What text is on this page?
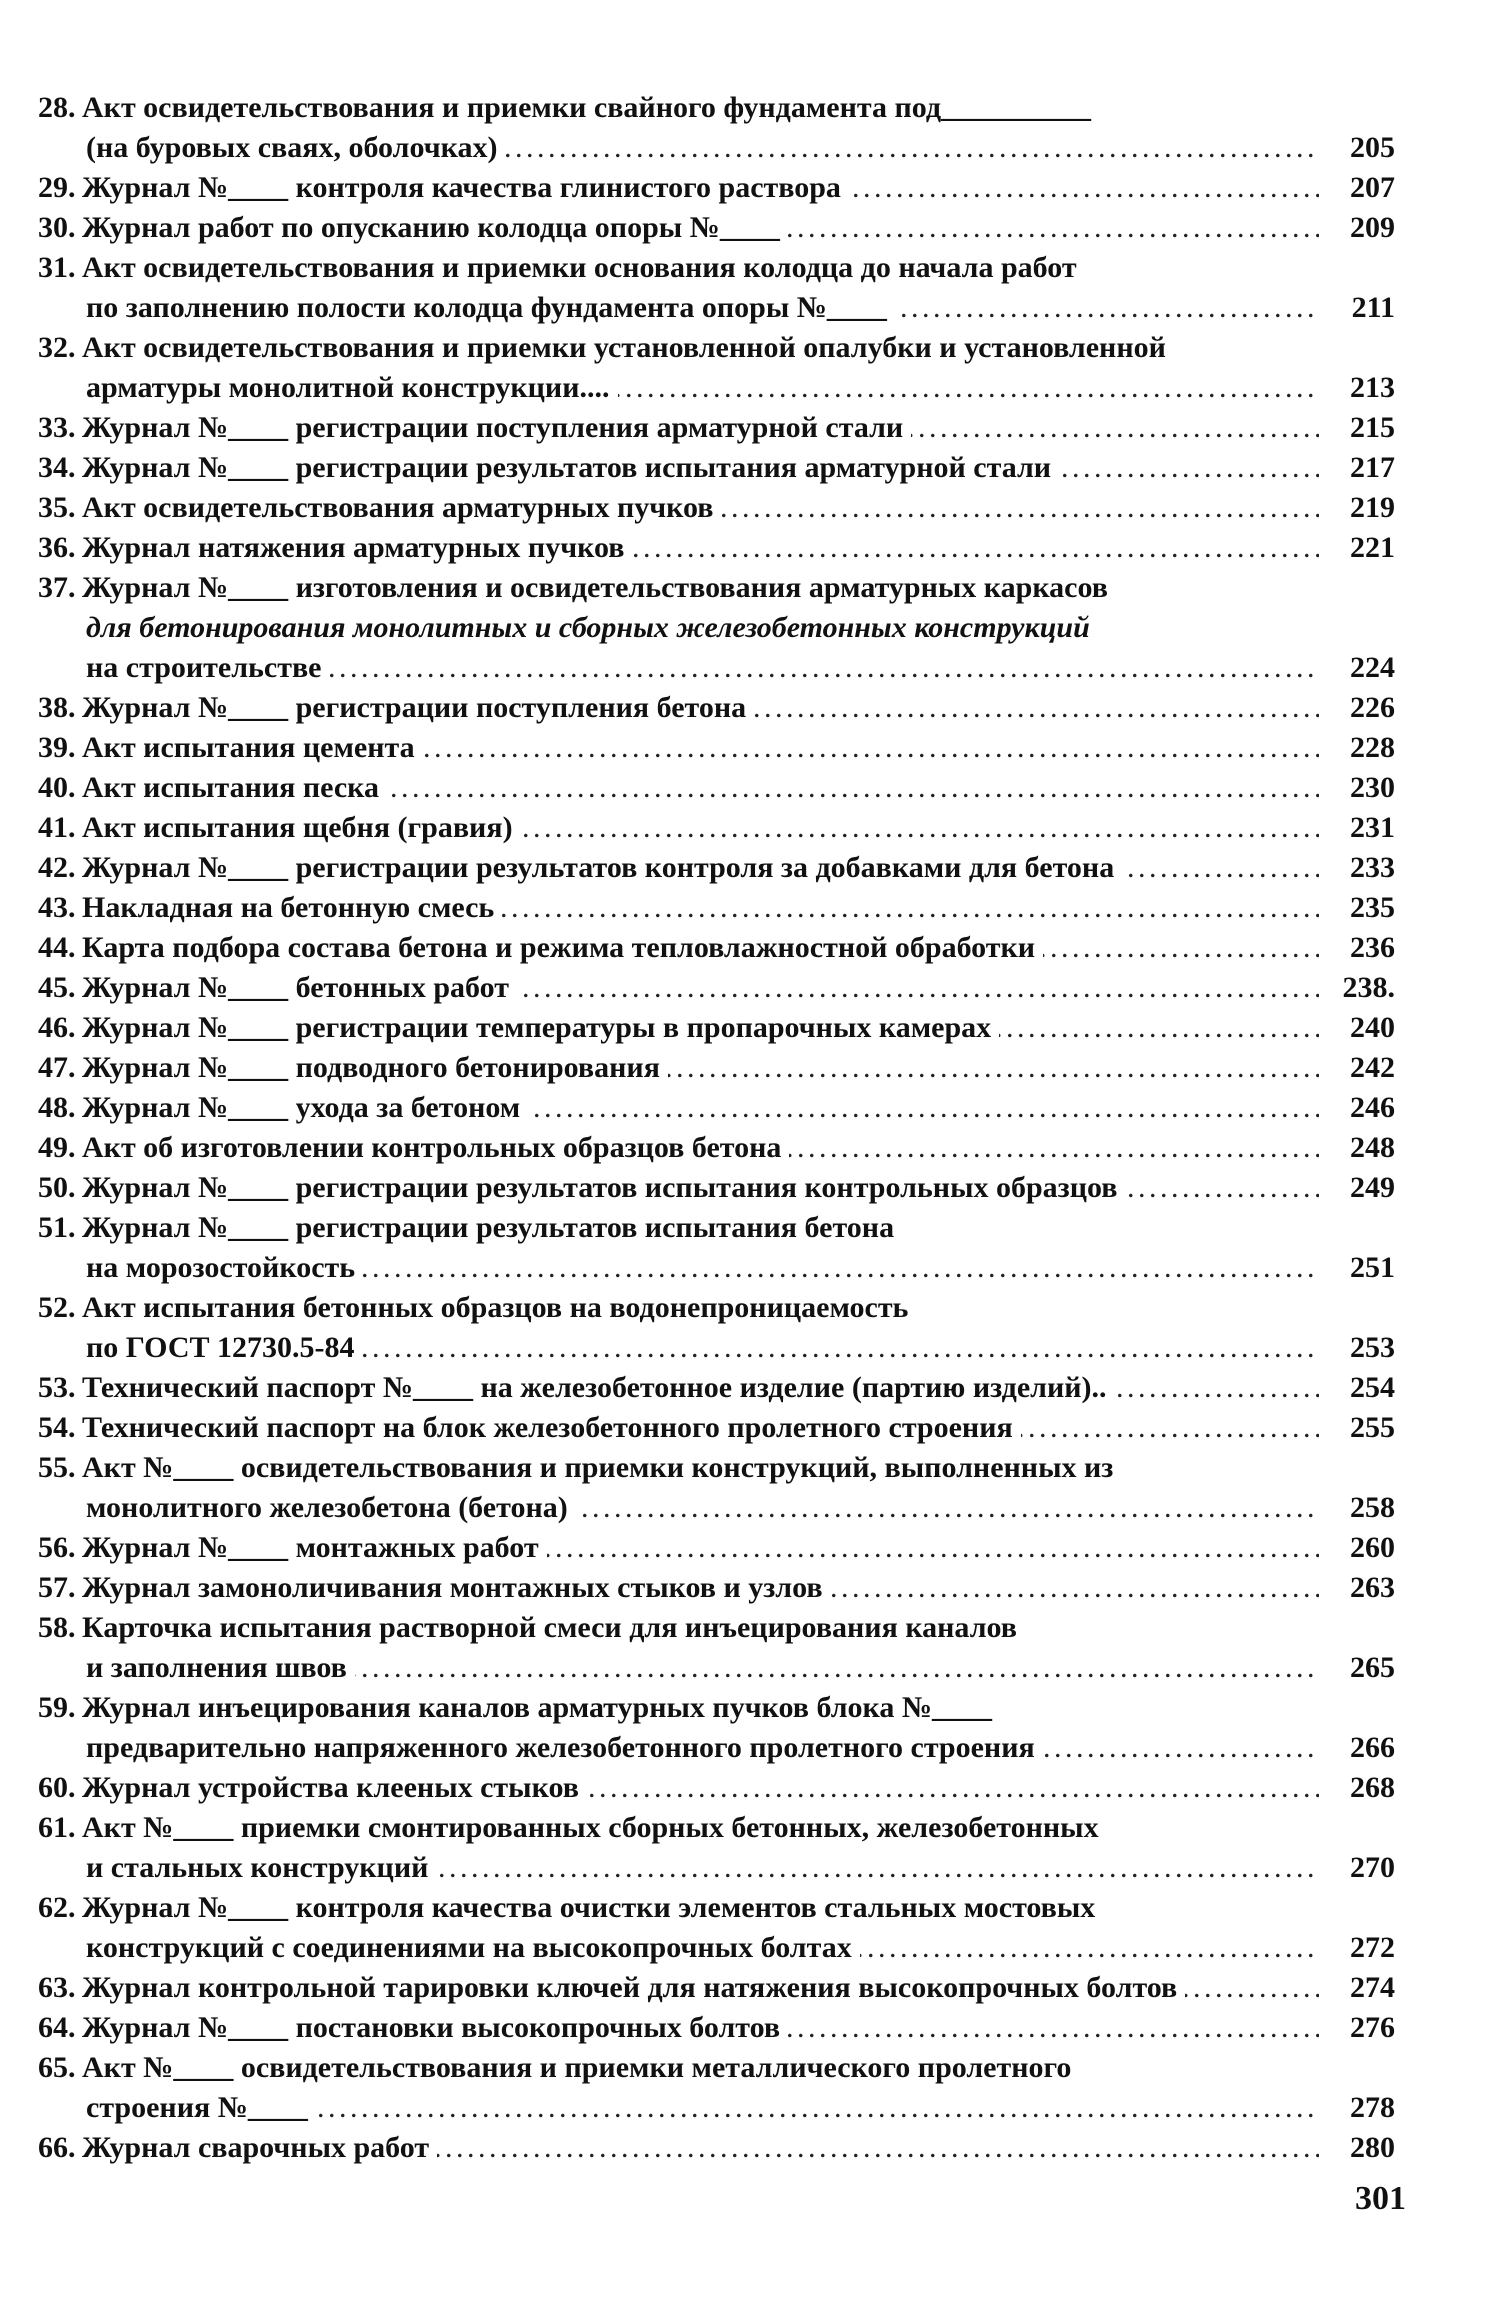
28. Акт освидетельствования и приемки свайного фундамента под__________
(на буровых сваях, оболочках) . . .	205
29. Журнал №____ контроля качества глинистого раствора . . .	207
30. Журнал работ по опусканию колодца опоры №____ . . .	209
31. Акт освидетельствования и приемки основания колодца до начала работ
по заполнению полости колодца фундамента опоры №____ . . .	211
32. Акт освидетельствования и приемки установленной опалубки и установленной
арматуры монолитной конструкции.... . . .	213
33. Журнал №____ регистрации поступления арматурной стали . . .	215
34. Журнал №____ регистрации результатов испытания арматурной стали . . .	217
35. Акт освидетельствования арматурных пучков . . .	219
36. Журнал натяжения арматурных пучков . . .	221
37. Журнал №____ изготовления и освидетельствования арматурных каркасов
для бетонирования монолитных и сборных железобетонных конструкций
на строительстве . . .	224
38. Журнал №____ регистрации поступления бетона . . .	226
39. Акт испытания цемента . . .	228
40. Акт испытания песка . . .	230
41. Акт испытания щебня (гравия) . . .	231
42. Журнал №____ регистрации результатов контроля за добавками для бетона . . .	233
43. Накладная на бетонную смесь . . .	235
44. Карта подбора состава бетона и режима тепловлажностной обработки . . .	236
45. Журнал №____ бетонных работ . . .	238.
46. Журнал №____ регистрации температуры в пропарочных камерах . . .	240
47. Журнал №____ подводного бетонирования . . .	242
48. Журнал №____ ухода за бетоном . . .	246
49. Акт об изготовлении контрольных образцов бетона . . .	248
50. Журнал №____ регистрации результатов испытания контрольных образцов . . .	249
51. Журнал №____ регистрации результатов испытания бетона
на морозостойкость . . .	251
52. Акт испытания бетонных образцов на водонепроницаемость
по ГОСТ 12730.5-84 . . .	253
53. Технический паспорт №____ на железобетонное изделие (партию изделий).. . . .	254
54. Технический паспорт на блок железобетонного пролетного строения . . .	255
55. Акт №____ освидетельствования и приемки конструкций, выполненных из
монолитного железобетона (бетона) . . .	258
56. Журнал №____ монтажных работ . . .	260
57. Журнал замоноличивания монтажных стыков и узлов . . .	263
58. Карточка испытания растворной смеси для инъецирования каналов
и заполнения швов . . .	265
59. Журнал инъецирования каналов арматурных пучков блока №____
предварительно напряженного железобетонного пролетного строения . . .	266
60. Журнал устройства клееных стыков . . .	268
61. Акт №____ приемки смонтированных сборных бетонных, железобетонных
и стальных конструкций . . .	270
62. Журнал №____ контроля качества очистки элементов стальных мостовых
конструкций с соединениями на высокопрочных болтах . . .	272
63. Журнал контрольной тарировки ключей для натяжения высокопрочных болтов . . .	274
64. Журнал №____ постановки высокопрочных болтов . . .	276
65. Акт №____ освидетельствования и приемки металлического пролетного
строения №____ . . .	278
66. Журнал сварочных работ . . .	280
301
